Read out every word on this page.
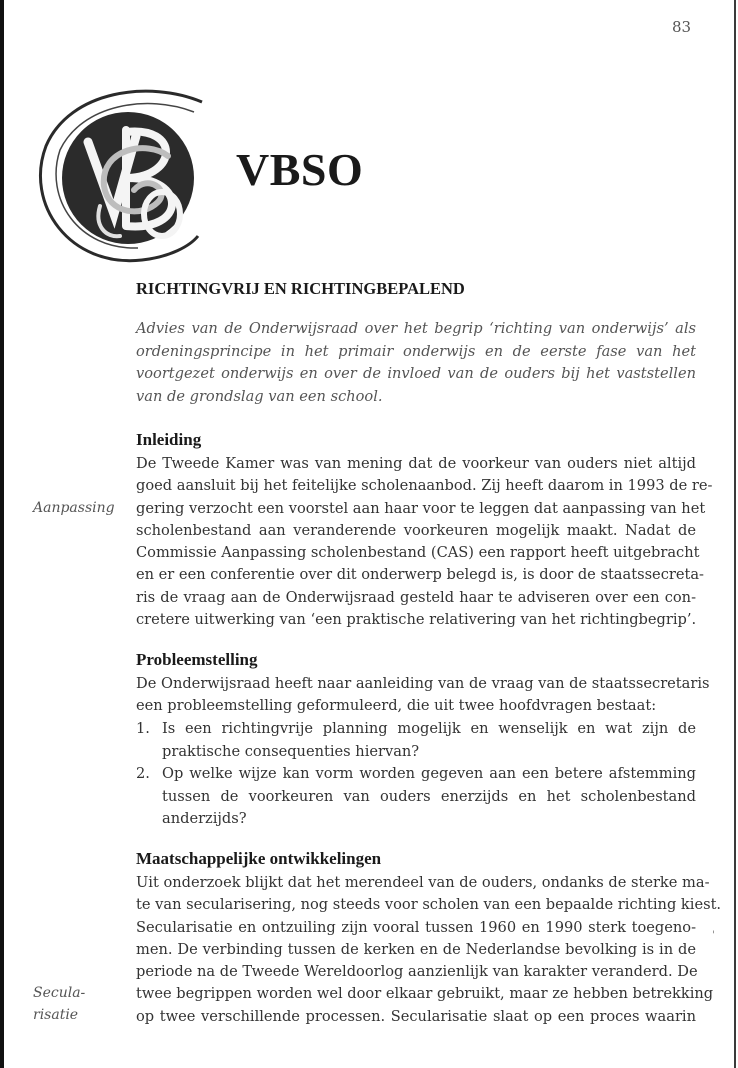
83
VBSO
RICHTINGVRIJ EN RICHTINGBEPALEND

Advies van de Onderwijsraad over het begrip ‘richting van onderwijs’ als ordeningsprincipe in het primair onderwijs en de eerste fase van het voortgezet onderwijs en over de invloed van de ouders bij het vaststellen van de grondslag van een school.

Inleiding
Aanpassing
De Tweede Kamer was van mening dat de voorkeur van ouders niet altijd
goed aansluit bij het feitelijke scholenaanbod. Zij heeft daarom in 1993 de re-
gering verzocht een voorstel aan haar voor te leggen dat aanpassing van het
scholenbestand aan veranderende voorkeuren mogelijk maakt. Nadat de
Commissie Aanpassing scholenbestand (CAS) een rapport heeft uitgebracht
en er een conferentie over dit onderwerp belegd is, is door de staatssecreta-
ris de vraag aan de Onderwijsraad gesteld haar te adviseren over een con-
cretere uitwerking van ‘een praktische relativering van het richtingbegrip’.
Probleemstelling
De Onderwijsraad heeft naar aanleiding van de vraag van de staatssecretaris
een probleemstelling geformuleerd, die uit twee hoofdvragen bestaat:
1. Is een richtingvrije planning mogelijk en wenselijk en wat zijn de praktische consequenties hiervan?
2. Op welke wijze kan vorm worden gegeven aan een betere afstemming tussen de voorkeuren van ouders enerzijds en het scholenbestand anderzijds?
Maatschappelijke ontwikkelingen
Uit onderzoek blijkt dat het merendeel van de ouders, ondanks de sterke ma-
te van secularisering, nog steeds voor scholen van een bepaalde richting kiest.
Secularisatie en ontzuiling zijn vooral tussen 1960 en 1990 sterk toegeno-
men. De verbinding tussen de kerken en de Nederlandse bevolking is in de
periode na de Tweede Wereldoorlog aanzienlijk van karakter veranderd. De
twee begrippen worden wel door elkaar gebruikt, maar ze hebben betrekking
op twee verschillende processen. Secularisatie slaat op een proces waarin
Secula-
risatie
'
